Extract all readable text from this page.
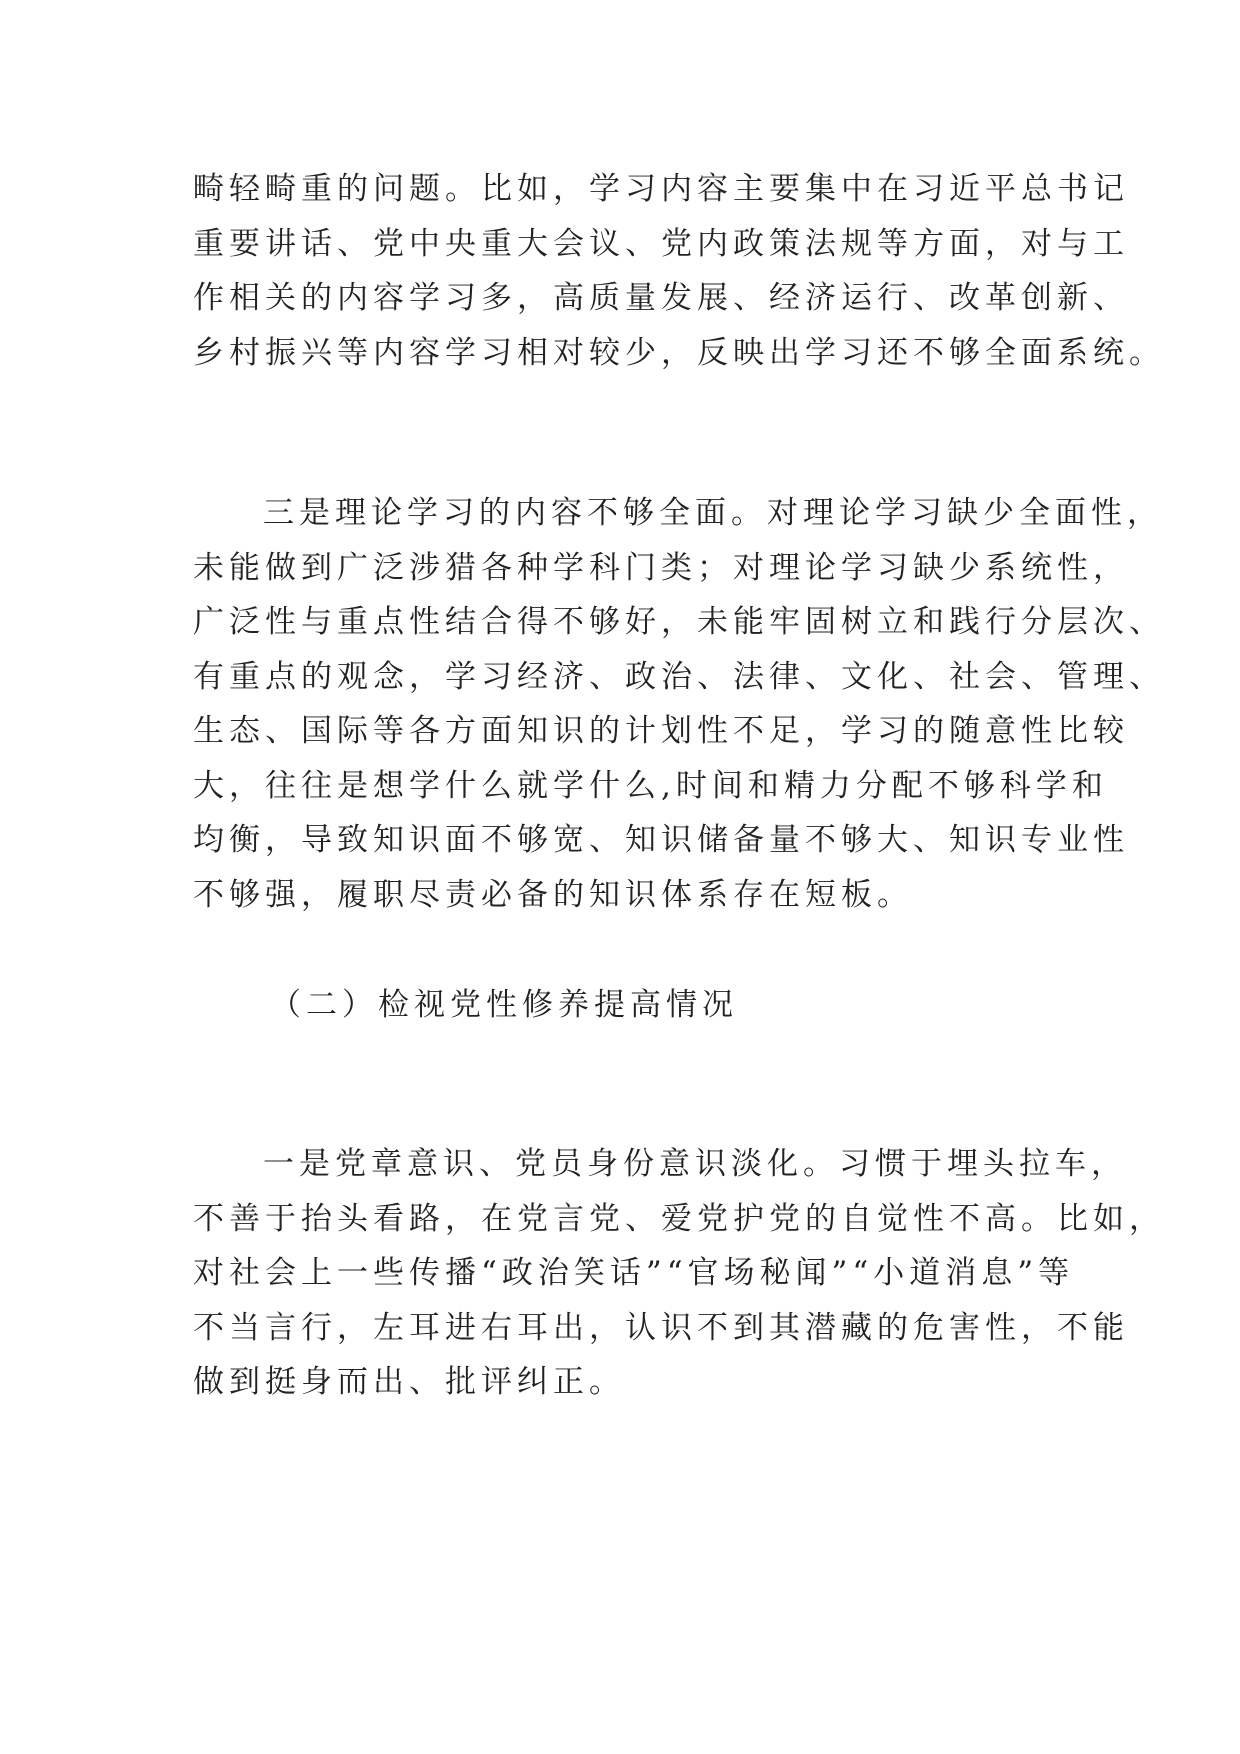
畸轻畸重的问题。比如，学习内容主要集中在习近平总书记
重要讲话、党中央重大会议、党内政策法规等方面，对与工
作相关的内容学习多，高质量发展、经济运行、改革创新、
乡村振兴等内容学习相对较少，反映出学习还不够全面系统。
三是理论学习的内容不够全面。对理论学习缺少全面性，
未能做到广泛涉猎各种学科门类；对理论学习缺少系统性，
广泛性与重点性结合得不够好，未能牢固树立和践行分层次、
有重点的观念，学习经济、政治、法律、文化、社会、管理、
生态、国际等各方面知识的计划性不足，学习的随意性比较
大，往往是想学什么就学什么,时间和精力分配不够科学和
均衡，导致知识面不够宽、知识储备量不够大、知识专业性
不够强，履职尽责必备的知识体系存在短板。
（二）检视党性修养提高情况
一是党章意识、党员身份意识淡化。习惯于埋头拉车，
不善于抬头看路，在党言党、爱党护党的自觉性不高。比如，
对社会上一些传播“政治笑话”“官场秘闻”“小道消息”等
不当言行，左耳进右耳出，认识不到其潜藏的危害性，不能
做到挺身而出、批评纠正。
